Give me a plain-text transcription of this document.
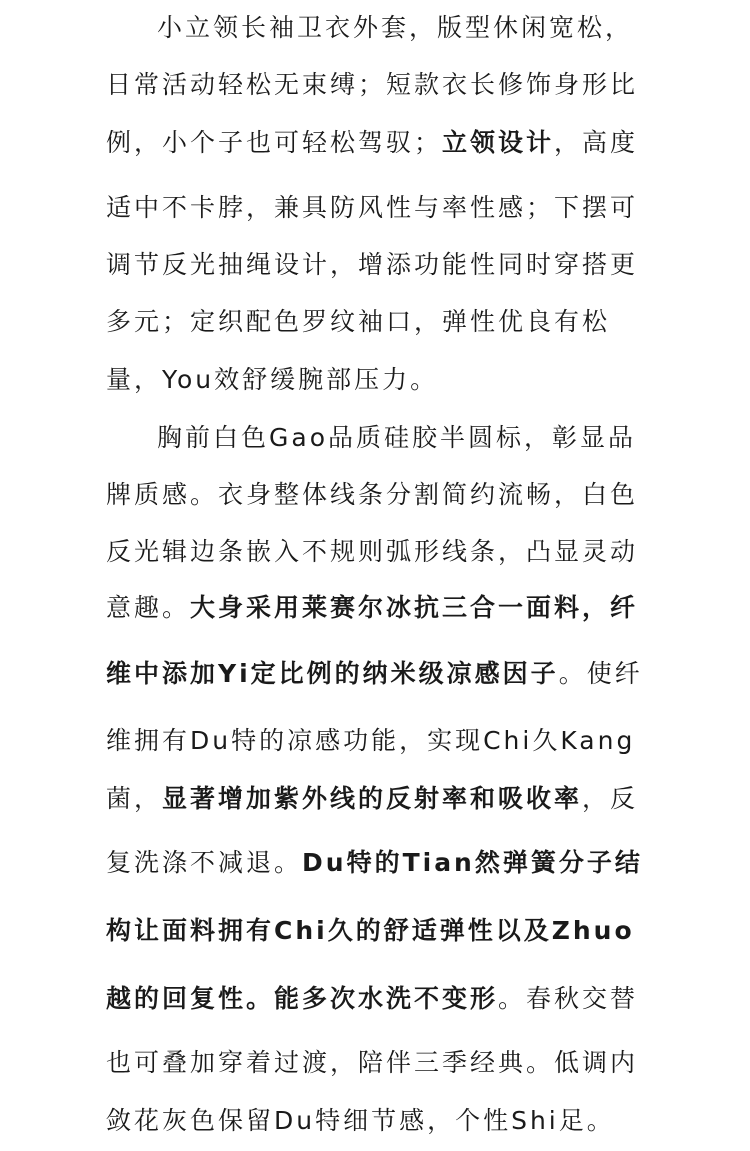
小立领长袖卫衣外套，版型休闲宽松，
日常活动轻松无束缚；短款衣长修饰身形比
例，小个子也可轻松驾驭；立领设计，高度
适中不卡脖，兼具防风性与率性感；下摆可
调节反光抽绳设计，增添功能性同时穿搭更
多元；定织配色罗纹袖口，弹性优良有松
量，You效舒缓腕部压力。
胸前白色Gao品质硅胶半圆标，彰显品
牌质感。衣身整体线条分割简约流畅，白色
反光辑边条嵌入不规则弧形线条，凸显灵动
意趣。大身采用莱赛尔冰抗三合一面料，纤
维中添加Yi定比例的纳米级凉感因子。使纤
维拥有Du特的凉感功能，实现Chi久Kang
菌，显著增加紫外线的反射率和吸收率，反
复洗涤不减退。Du特的Tian然弹簧分子结
构让面料拥有Chi久的舒适弹性以及Zhuo
越的回复性。能多次水洗不变形。春秋交替
也可叠加穿着过渡，陪伴三季经典。低调内
敛花灰色保留Du特细节感，个性Shi足。
